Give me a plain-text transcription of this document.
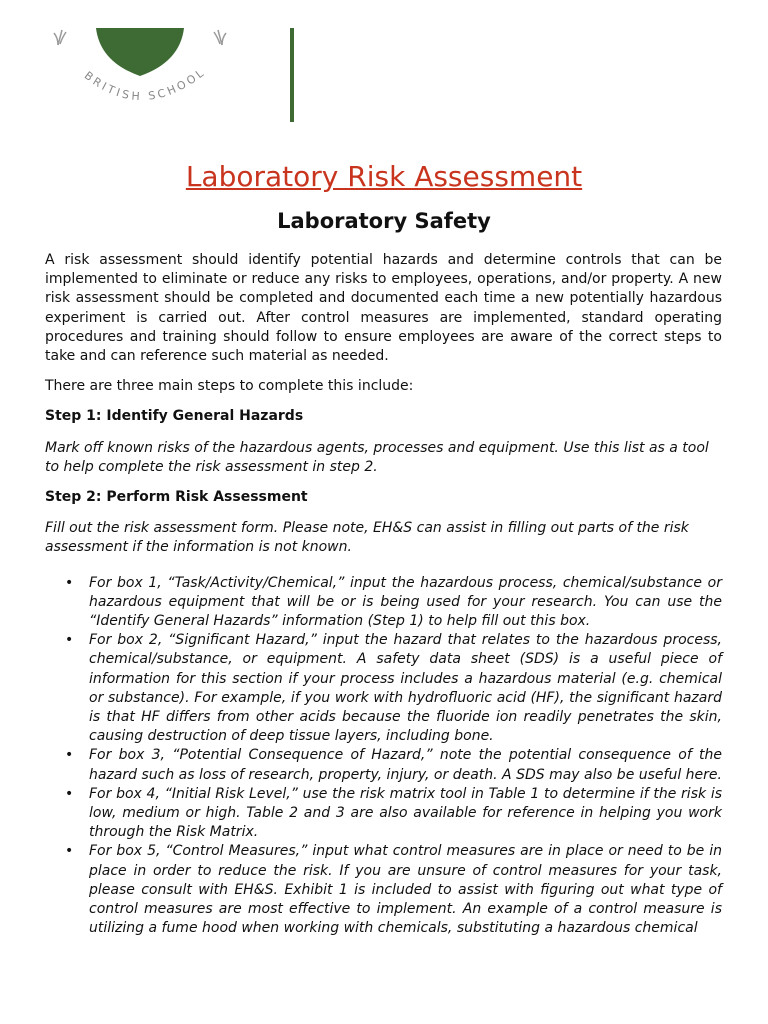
BRITISH SCHOOL
Laboratory Risk Assessment
Laboratory Safety

A risk assessment should identify potential hazards and determine controls that can be implemented to eliminate or reduce any risks to employees, operations, and/or property. A new risk assessment should be completed and documented each time a new potentially hazardous experiment is carried out. After control measures are implemented, standard operating procedures and training should follow to ensure employees are aware of the correct steps to take and can reference such material as needed.

There are three main steps to complete this include:

Step 1: Identify General Hazards

Mark off known risks of the hazardous agents, processes and equipment. Use this list as a tool to help complete the risk assessment in step 2.

Step 2: Perform Risk Assessment

Fill out the risk assessment form. Please note, EH&S can assist in filling out parts of the risk assessment if the information is not known.

• For box 1, “Task/Activity/Chemical,” input the hazardous process, chemical/substance or hazardous equipment that will be or is being used for your research. You can use the “Identify General Hazards” information (Step 1) to help fill out this box.
• For box 2, “Significant Hazard,” input the hazard that relates to the hazardous process, chemical/substance, or equipment. A safety data sheet (SDS) is a useful piece of information for this section if your process includes a hazardous material (e.g. chemical or substance). For example, if you work with hydrofluoric acid (HF), the significant hazard is that HF differs from other acids because the fluoride ion readily penetrates the skin, causing destruction of deep tissue layers, including bone.
• For box 3, “Potential Consequence of Hazard,” note the potential consequence of the hazard such as loss of research, property, injury, or death. A SDS may also be useful here.
• For box 4, “Initial Risk Level,” use the risk matrix tool in Table 1 to determine if the risk is low, medium or high. Table 2 and 3 are also available for reference in helping you work through the Risk Matrix.
• For box 5, “Control Measures,” input what control measures are in place or need to be in place in order to reduce the risk. If you are unsure of control measures for your task, please consult with EH&S. Exhibit 1 is included to assist with figuring out what type of control measures are most effective to implement. An example of a control measure is utilizing a fume hood when working with chemicals, substituting a hazardous chemical
